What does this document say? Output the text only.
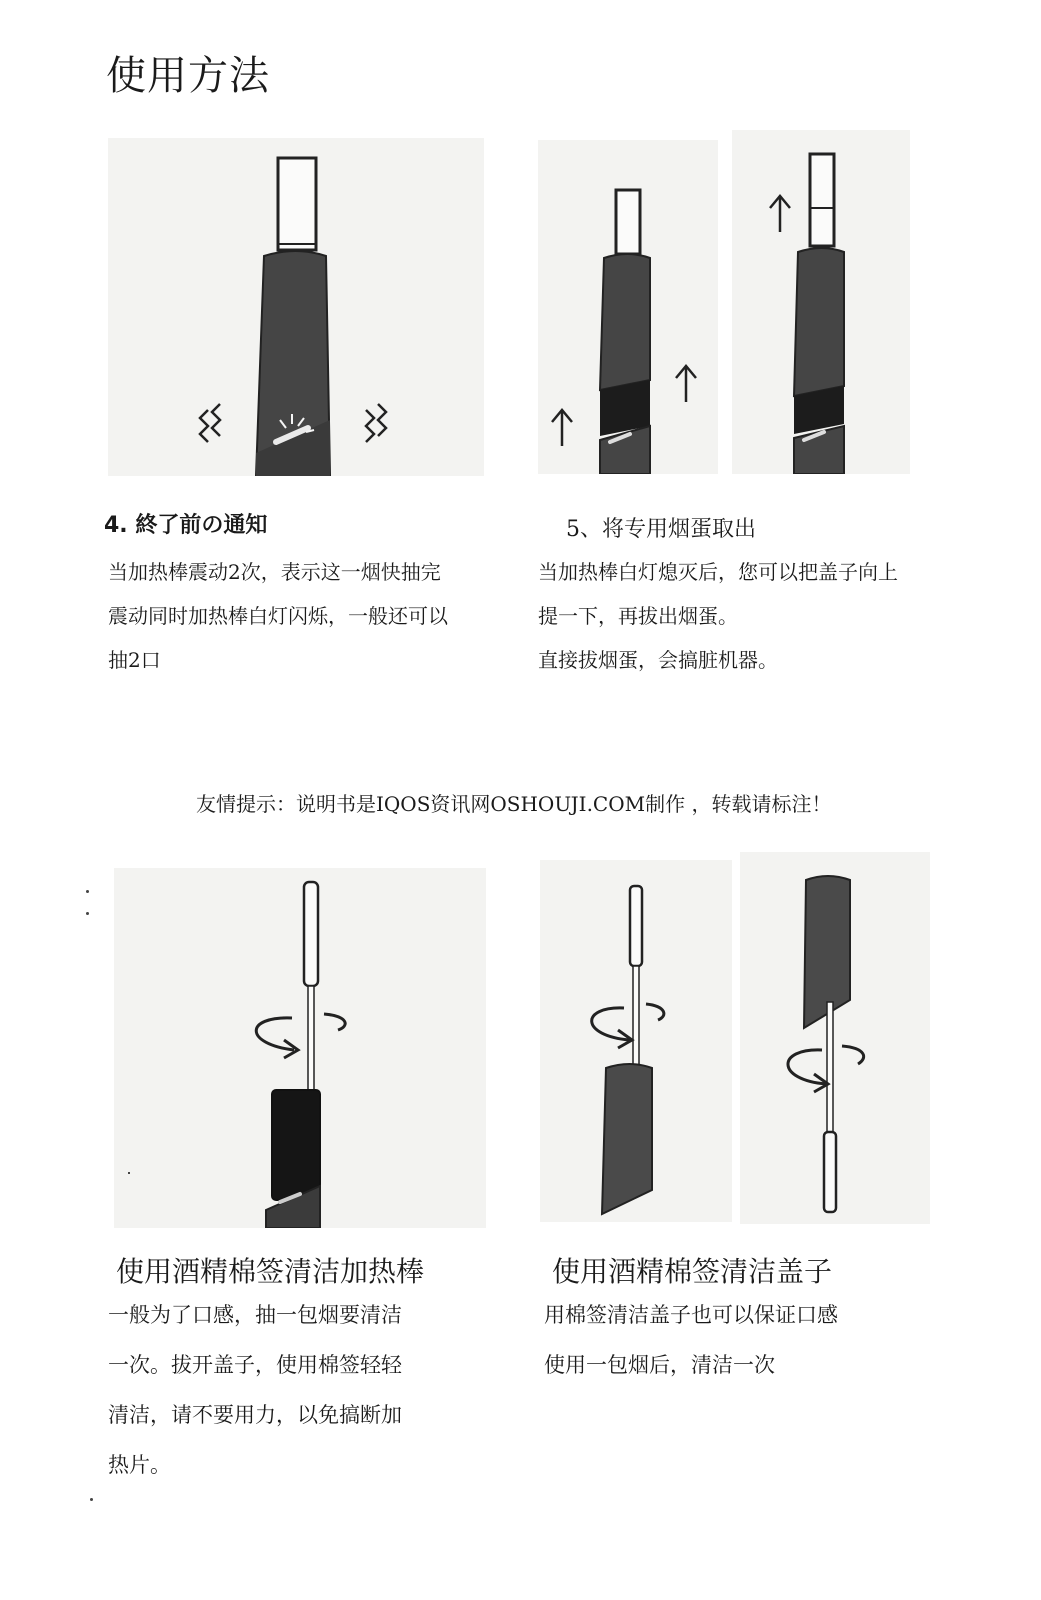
使用方法
4. 終了前の通知

当加热棒震动2次，表示这一烟快抽完

震动同时加热棒白灯闪烁，一般还可以

抽2口

5、将专用烟蛋取出

当加热棒白灯熄灭后，您可以把盖子向上

提一下，再拔出烟蛋。

直接拔烟蛋，会搞脏机器。

友情提示：说明书是IQOS资讯网OSHOUJI.COM制作 ，转载请标注！
使用酒精棉签清洁加热棒

一般为了口感，抽一包烟要清洁

一次。拔开盖子，使用棉签轻轻

清洁，请不要用力，以免搞断加

热片。

使用酒精棉签清洁盖子

用棉签清洁盖子也可以保证口感

使用一包烟后，清洁一次
